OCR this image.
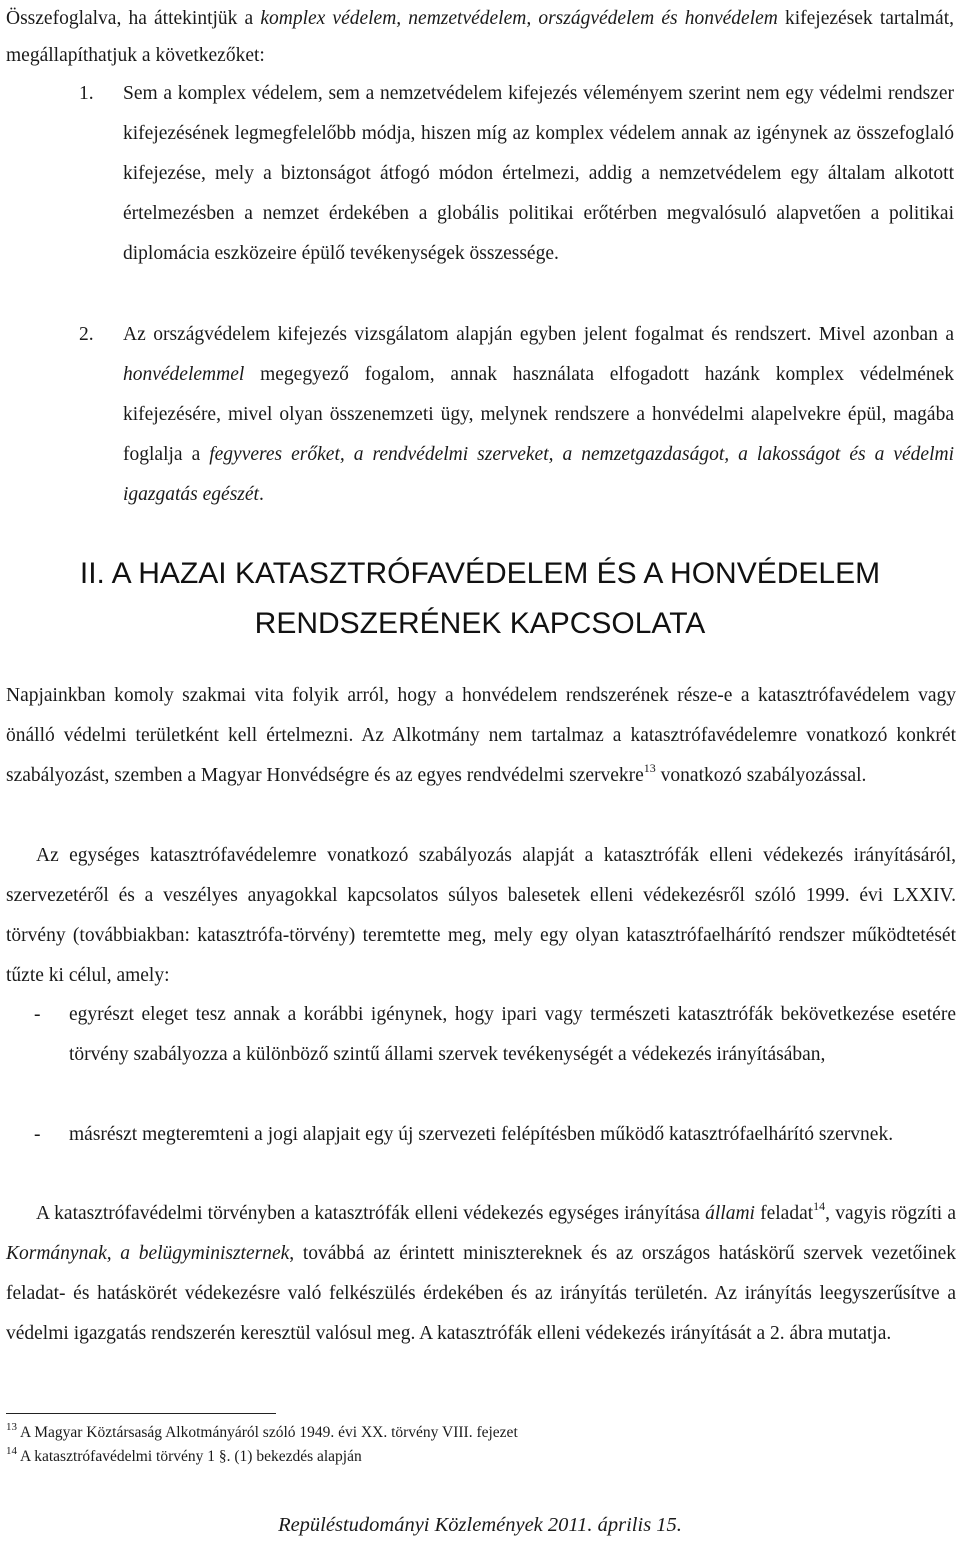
Összefoglalva, ha áttekintjük a komplex védelem, nemzetvédelem, országvédelem és honvédelem kifejezések tartalmát, megállapíthatjuk a következőket:
1. Sem a komplex védelem, sem a nemzetvédelem kifejezés véleményem szerint nem egy védelmi rendszer kifejezésének legmegfelelőbb módja, hiszen míg az komplex védelem annak az igénynek az összefoglaló kifejezése, mely a biztonságot átfogó módon értelmezi, addig a nemzetvédelem egy általam alkotott értelmezésben a nemzet érdekében a globális politikai erőtérben megvalósuló alapvetően a politikai diplomácia eszközeire épülő tevékenységek összessége.
2. Az országvédelem kifejezés vizsgálatom alapján egyben jelent fogalmat és rendszert. Mivel azonban a honvédelemmel megegyező fogalom, annak használata elfogadott hazánk komplex védelmének kifejezésére, mivel olyan összenemzeti ügy, melynek rendszere a honvédelmi alapelvekre épül, magába foglalja a fegyveres erőket, a rendvédelmi szerveket, a nemzetgazdaságot, a lakosságot és a védelmi igazgatás egészét.
II. A HAZAI KATASZTRÓFAVÉDELEM ÉS A HONVÉDELEM
RENDSZERÉNEK KAPCSOLATA
Napjainkban komoly szakmai vita folyik arról, hogy a honvédelem rendszerének része-e a katasztrófavédelem vagy önálló védelmi területként kell értelmezni. Az Alkotmány nem tartalmaz a katasztrófavédelemre vonatkozó konkrét szabályozást, szemben a Magyar Honvédségre és az egyes rendvédelmi szervekre$^{13}$ vonatkozó szabályozással.
Az egységes katasztrófavédelemre vonatkozó szabályozás alapját a katasztrófák elleni védekezés irányításáról, szervezetéről és a veszélyes anyagokkal kapcsolatos súlyos balesetek elleni védekezésről szóló 1999. évi LXXIV. törvény (továbbiakban: katasztrófa-törvény) teremtette meg, mely egy olyan katasztrófaelhárító rendszer működtetését tűzte ki célul, amely:
- egyrészt eleget tesz annak a korábbi igénynek, hogy ipari vagy természeti katasztrófák bekövetkezése esetére törvény szabályozza a különböző szintű állami szervek tevékenységét a védekezés irányításában,
- másrészt megteremteni a jogi alapjait egy új szervezeti felépítésben működő katasztrófaelhárító szervnek.
A katasztrófavédelmi törvényben a katasztrófák elleni védekezés egységes irányítása állami feladat$^{14}$, vagyis rögzíti a Kormánynak, a belügyminiszternek, továbbá az érintett minisztereknek és az országos hatáskörű szervek vezetőinek feladat- és hatáskörét védekezésre való felkészülés érdekében és az irányítás területén. Az irányítás leegyszerűsítve a védelmi igazgatás rendszerén keresztül valósul meg. A katasztrófák elleni védekezés irányítását a 2. ábra mutatja.
$^{13}$ A Magyar Köztársaság Alkotmányáról szóló 1949. évi XX. törvény VIII. fejezet
$^{14}$ A katasztrófavédelmi törvény 1 §. (1) bekezdés alapján
Repüléstudományi Közlemények 2011. április 15.
